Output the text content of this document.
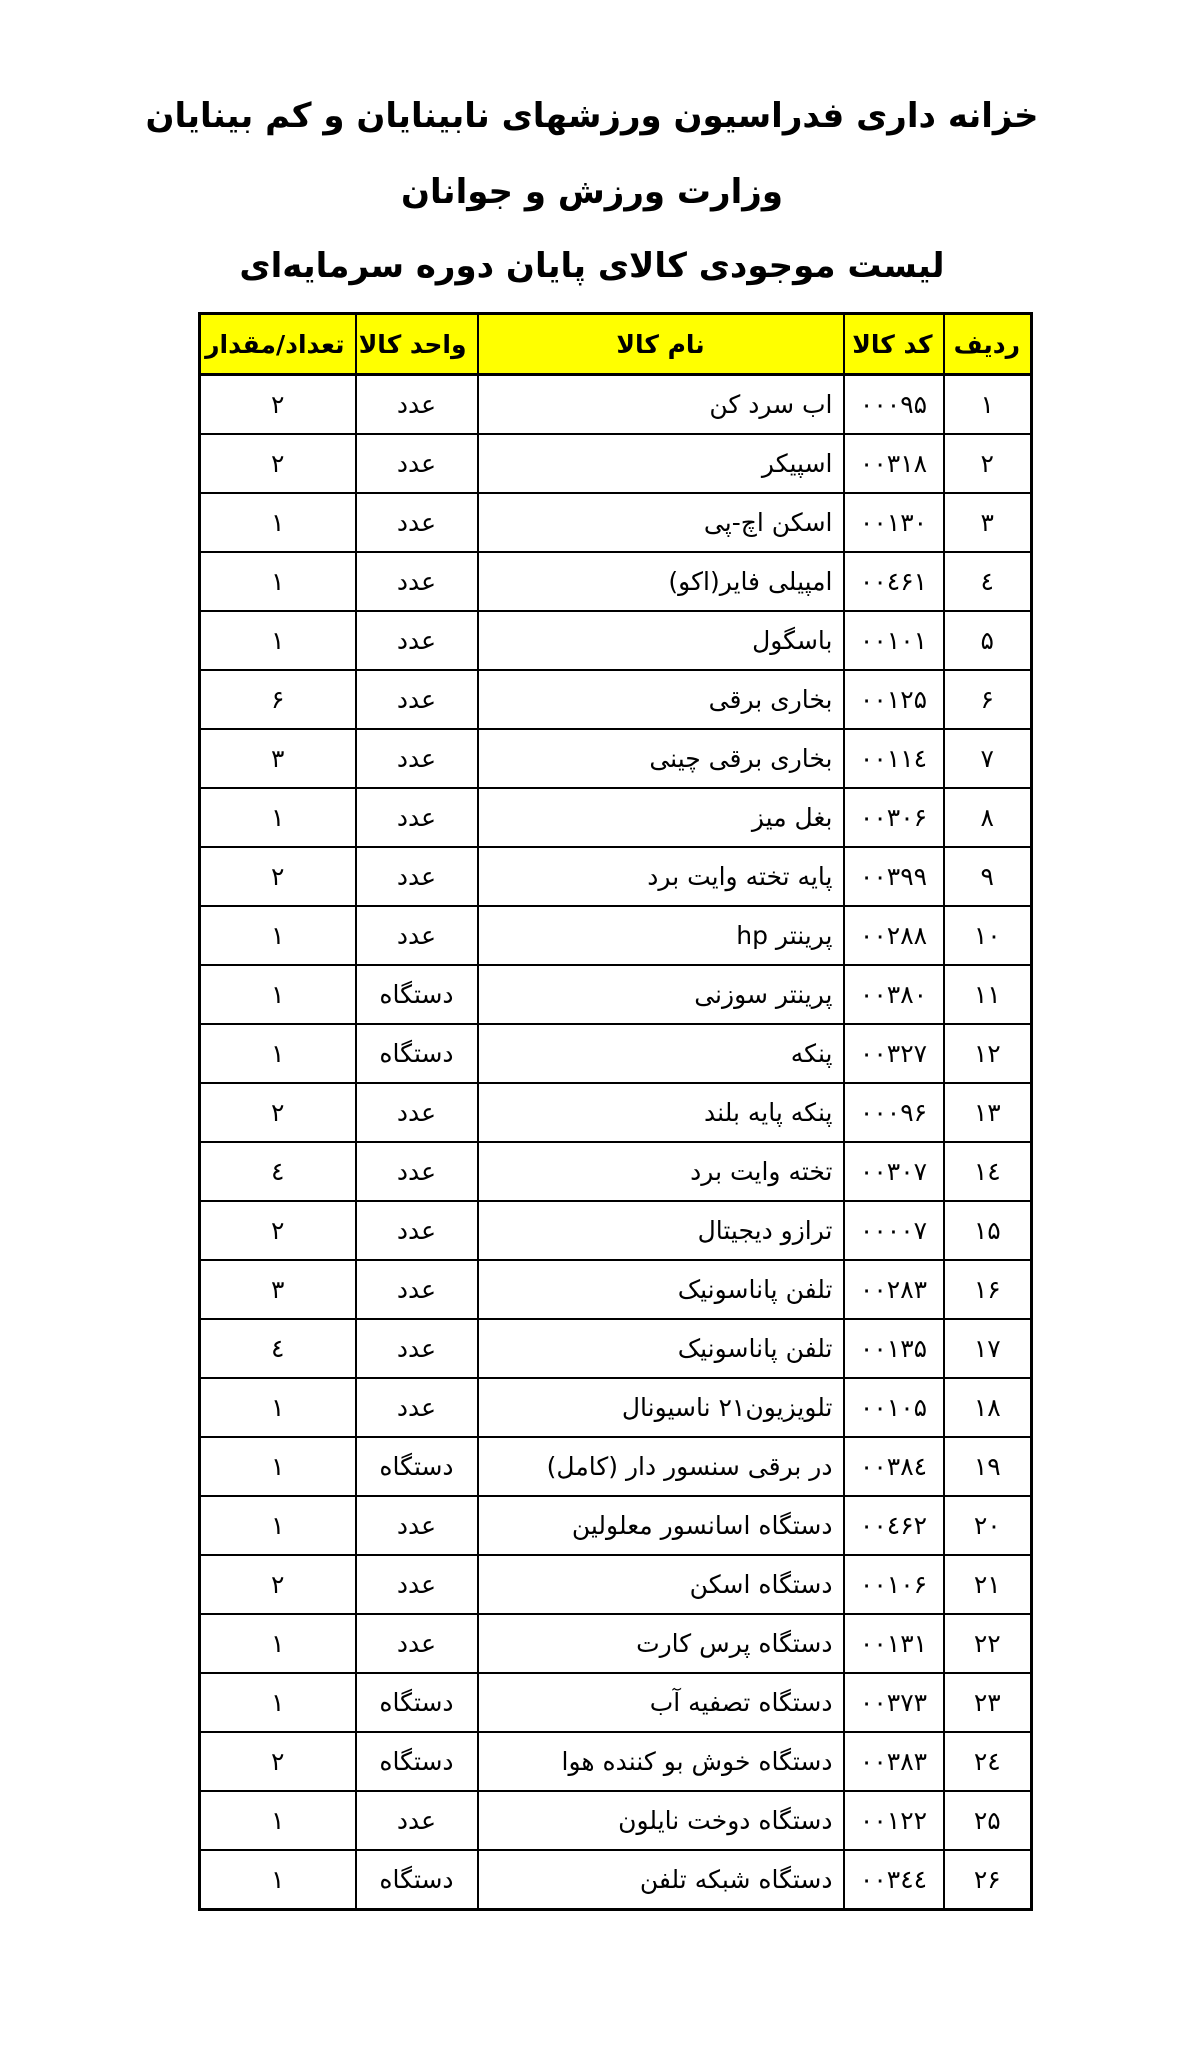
خزانه داری فدراسیون ورزشهای نابینایان و کم بینایان
وزارت ورزش و جوانان
لیست موجودی کالای پایان دوره سرمایه‌ای
ردیف	کد کالا	نام کالا	واحد کالا	تعداد/مقدار
۱	۰۰۰۹۵	اب سرد کن	عدد	۲
۲	۰۰۳۱۸	اسپیکر	عدد	۲
۳	۰۰۱۳۰	اسکن اچ-پی	عدد	۱
٤	۰۰٤۶۱	امپیلی فایر(اکو)	عدد	۱
۵	۰۰۱۰۱	باسگول	عدد	۱
۶	۰۰۱۲۵	بخاری برقی	عدد	۶
۷	۰۰۱۱٤	بخاری برقی چینی	عدد	۳
۸	۰۰۳۰۶	بغل میز	عدد	۱
۹	۰۰۳۹۹	پایه تخته وایت برد	عدد	۲
۱۰	۰۰۲۸۸	پرینتر hp	عدد	۱
۱۱	۰۰۳۸۰	پرینتر سوزنی	دستگاه	۱
۱۲	۰۰۳۲۷	پنکه	دستگاه	۱
۱۳	۰۰۰۹۶	پنکه پایه بلند	عدد	۲
۱٤	۰۰۳۰۷	تخته وایت برد	عدد	٤
۱۵	۰۰۰۰۷	ترازو دیجیتال	عدد	۲
۱۶	۰۰۲۸۳	تلفن پاناسونیک	عدد	۳
۱۷	۰۰۱۳۵	تلفن پاناسونیک	عدد	٤
۱۸	۰۰۱۰۵	تلویزیون۲۱ ناسیونال	عدد	۱
۱۹	۰۰۳۸٤	در برقی سنسور دار (کامل)	دستگاه	۱
۲۰	۰۰٤۶۲	دستگاه اسانسور معلولین	عدد	۱
۲۱	۰۰۱۰۶	دستگاه اسکن	عدد	۲
۲۲	۰۰۱۳۱	دستگاه پرس کارت	عدد	۱
۲۳	۰۰۳۷۳	دستگاه تصفیه آب	دستگاه	۱
۲٤	۰۰۳۸۳	دستگاه خوش بو کننده هوا	دستگاه	۲
۲۵	۰۰۱۲۲	دستگاه دوخت نایلون	عدد	۱
۲۶	۰۰۳٤٤	دستگاه شبکه تلفن	دستگاه	۱
